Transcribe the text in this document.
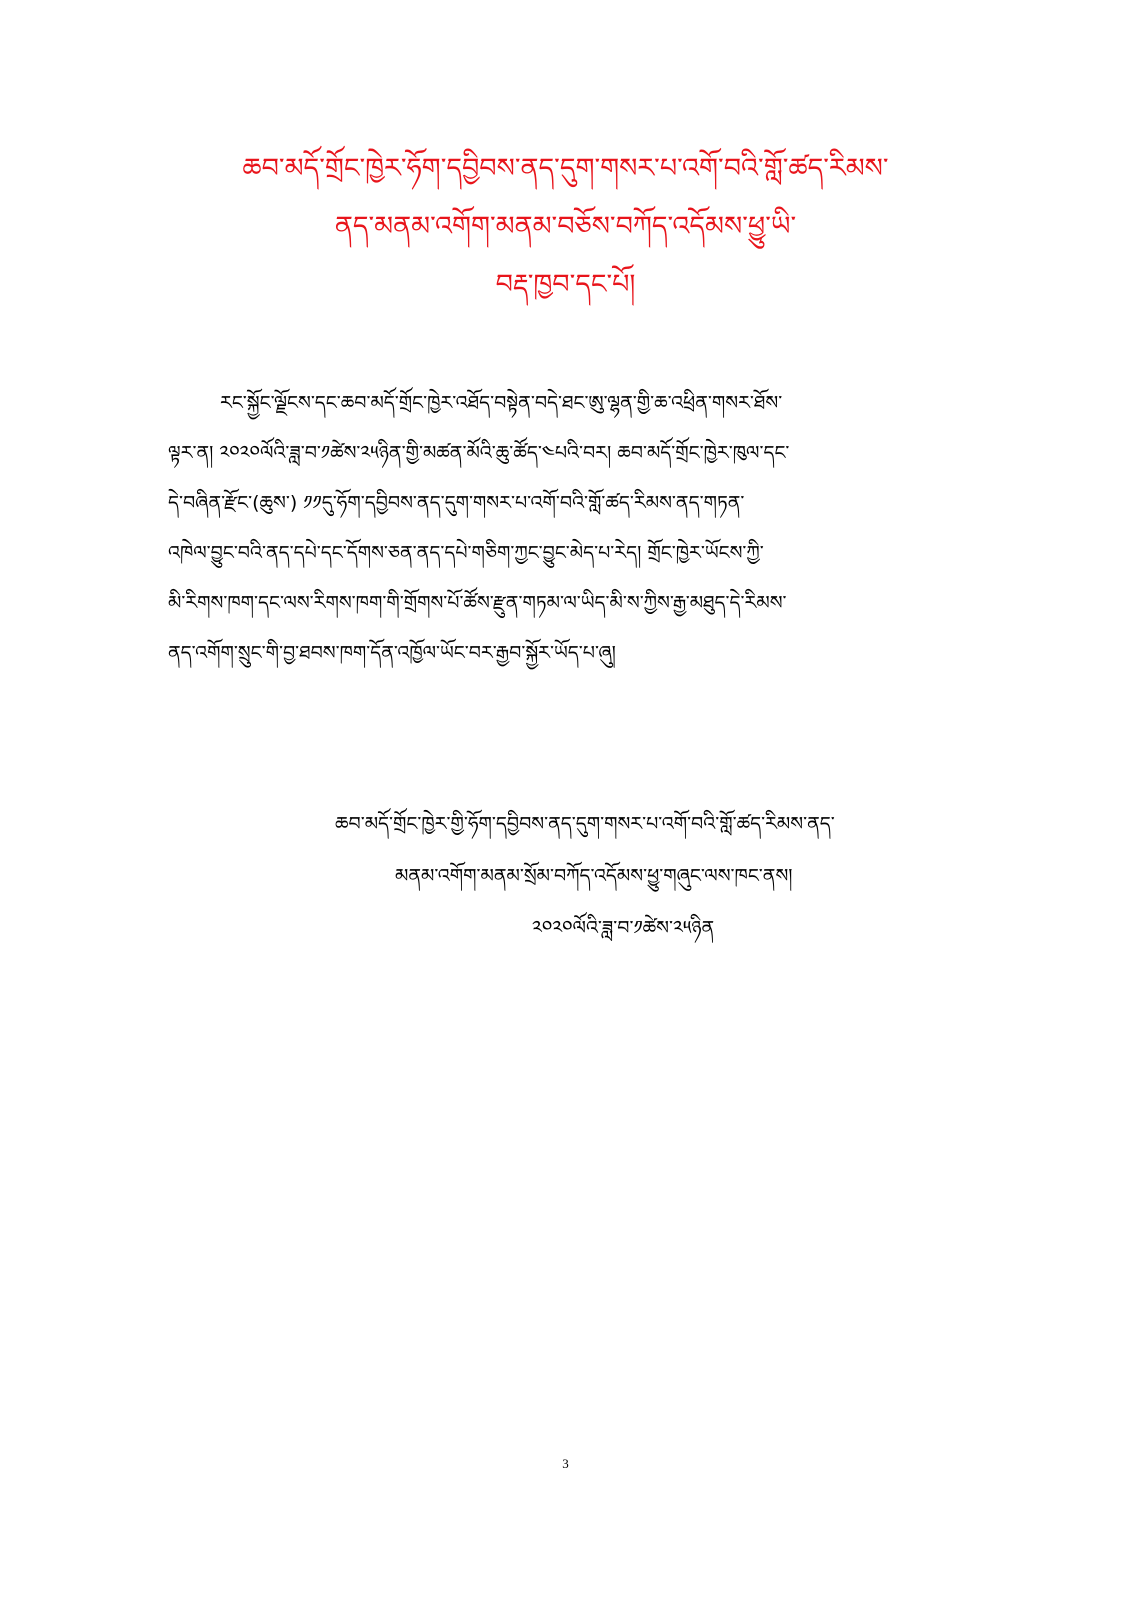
ཆབ་མདོ་གྲོང་ཁྱེར་ཧོག་དབྱིབས་ནད་དུག་གསར་པ་འགོ་བའི་གློ་ཚད་རིམས་
ནད་མནམ་འགོག་མནམ་བཅོས་བཀོད་འདོམས་ཕྱུ་ཡི་
བརྡ་ཁྱབ་དང་པོ།
རང་སྐྱོང་ལྗོངས་དང་ཆབ་མདོ་གྲོང་ཁྱེར་འཐོད་བསྟེན་བདེ་ཐང་ཨུ་ལྷན་གྱི་ཆ་འཕྲིན་གསར་ཐོས་
ལྟར་ན། ༢༠༢༠ལོའི་ཟླ་བ་༡ཚེས་༢༥ཉིན་གྱི་མཚན་མོའི་ཆུ་ཚོད་༤པའི་བར། ཆབ་མདོ་གྲོང་ཁྱེར་ཁུལ་དང་
དེ་བཞིན་རྫོང་(ཆུས་) ༡༡དུ་ཧོག་དབྱིབས་ནད་དུག་གསར་པ་འགོ་བའི་གློ་ཚད་རིམས་ནད་གཏན་
འཁེལ་བྱུང་བའི་ནད་དཔེ་དང་དོགས་ཅན་ནད་དཔེ་གཅིག་ཀྱང་བྱུང་མེད་པ་རེད། གྲོང་ཁྱེར་ཡོངས་ཀྱི་
མི་རིགས་ཁག་དང་ལས་རིགས་ཁག་གི་གྲོགས་པོ་ཚོས་རྫུན་གཏམ་ལ་ཡིད་མི་ས་ཀྱིས་རྒྱ་མཐུད་དེ་རིམས་
ནད་འགོག་སྲུང་གི་བྱ་ཐབས་ཁག་དོན་འཁྱོལ་ཡོང་བར་རྒྱབ་སྐྱོར་ཡོད་པ་ཞུ།
ཆབ་མདོ་གྲོང་ཁྱེར་གྱི་ཧོག་དབྱིབས་ནད་དུག་གསར་པ་འགོ་བའི་གློ་ཚད་རིམས་ནད་
མནམ་འགོག་མནམ་སྲོམ་བཀོད་འདོམས་ཕྱུ་གཞུང་ལས་ཁང་ནས།
༢༠༢༠ལོའི་ཟླ་བ་༡ཚེས་༢༥ཉིན
3
